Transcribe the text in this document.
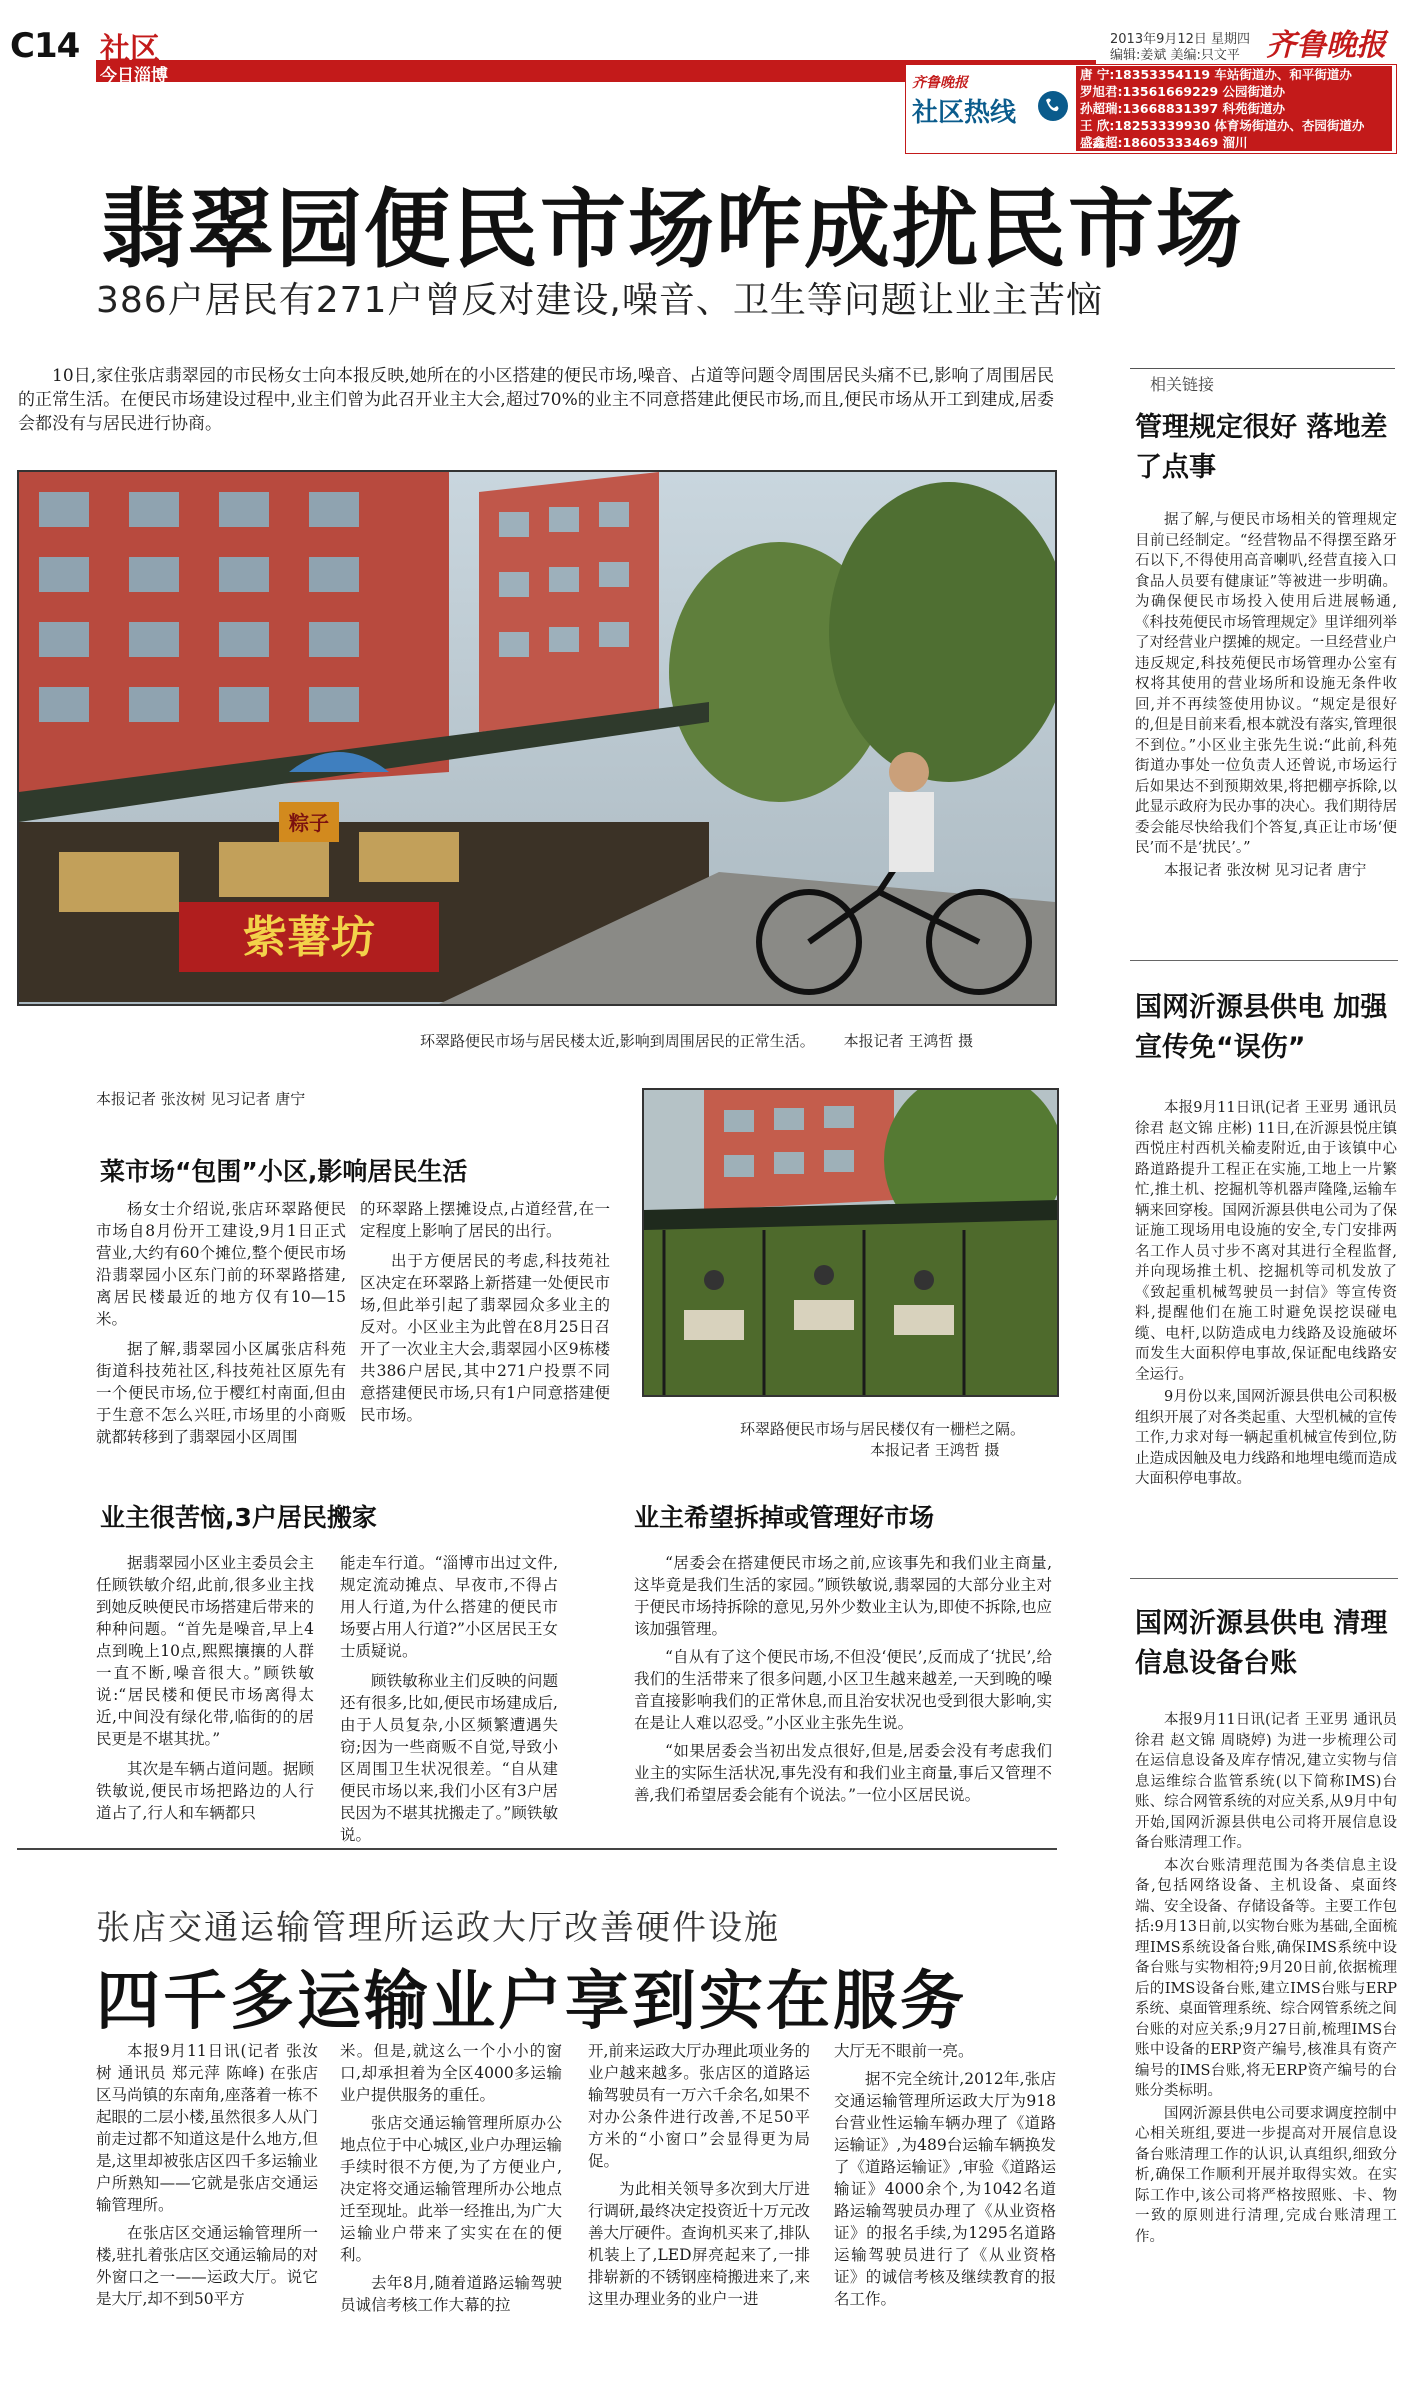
C14 社区
今日淄博
2013年9月12日 星期四
编辑:姜斌 美编:只文平 齐鲁晚报
齐鲁晚报
社区热线
唐 宁:18353354119 车站街道办、和平街道办
罗旭君:13561669229 公园街道办
孙超瑞:13668831397 科苑街道办
王 欣:18253339930 体育场街道办、杏园街道办
盛鑫超:18605333469 溜川
翡翠园便民市场咋成扰民市场
386户居民有271户曾反对建设,噪音、卫生等问题让业主苦恼
10日,家住张店翡翠园的市民杨女士向本报反映,她所在的小区搭建的便民市场,噪音、占道等问题令周围居民头痛不已,影响了周围居民的正常生活。在便民市场建设过程中,业主们曾为此召开业主大会,超过70%的业主不同意搭建此便民市场,而且,便民市场从开工到建成,居委会都没有与居民进行协商。
粽子
紫薯坊
环翠路便民市场与居民楼太近,影响到周围居民的正常生活。 本报记者 王鸿哲 摄
本报记者 张汝树 见习记者 唐宁
菜市场“包围”小区,影响居民生活

杨女士介绍说,张店环翠路便民市场自8月份开工建设,9月1日正式营业,大约有60个摊位,整个便民市场沿翡翠园小区东门前的环翠路搭建,离居民楼最近的地方仅有10—15米。

据了解,翡翠园小区属张店科苑街道科技苑社区,科技苑社区原先有一个便民市场,位于樱红村南面,但由于生意不怎么兴旺,市场里的小商贩就都转移到了翡翠园小区周围

的环翠路上摆摊设点,占道经营,在一定程度上影响了居民的出行。

出于方便居民的考虑,科技苑社区决定在环翠路上新搭建一处便民市场,但此举引起了翡翠园众多业主的反对。小区业主为此曾在8月25日召开了一次业主大会,翡翠园小区9栋楼共386户居民,其中271户投票不同意搭建便民市场,只有1户同意搭建便民市场。

环翠路便民市场与居民楼仅有一栅栏之隔。
本报记者 王鸿哲 摄
业主很苦恼,3户居民搬家	业主希望拆掉或管理好市场

据翡翠园小区业主委员会主任顾铁敏介绍,此前,很多业主找到她反映便民市场搭建后带来的种种问题。“首先是噪音,早上4点到晚上10点,熙熙攘攘的人群一直不断,噪音很大。”顾铁敏说:“居民楼和便民市场离得太近,中间没有绿化带,临街的的居民更是不堪其扰。”

其次是车辆占道问题。据顾铁敏说,便民市场把路边的人行道占了,行人和车辆都只

能走车行道。“淄博市出过文件,规定流动摊点、早夜市,不得占用人行道,为什么搭建的便民市场要占用人行道?”小区居民王女士质疑说。

顾铁敏称业主们反映的问题还有很多,比如,便民市场建成后,由于人员复杂,小区频繁遭遇失窃;因为一些商贩不自觉,导致小区周围卫生状况很差。“自从建便民市场以来,我们小区有3户居民因为不堪其扰搬走了。”顾铁敏说。

“居委会在搭建便民市场之前,应该事先和我们业主商量,这毕竟是我们生活的家园。”顾铁敏说,翡翠园的大部分业主对于便民市场持拆除的意见,另外少数业主认为,即使不拆除,也应该加强管理。

“自从有了这个便民市场,不但没‘便民’,反而成了‘扰民’,给我们的生活带来了很多问题,小区卫生越来越差,一天到晚的噪音直接影响我们的正常休息,而且治安状况也受到很大影响,实在是让人难以忍受。”小区业主张先生说。

“如果居委会当初出发点很好,但是,居委会没有考虑我们业主的实际生活状况,事先没有和我们业主商量,事后又管理不善,我们希望居委会能有个说法。”一位小区居民说。

张店交通运输管理所运政大厅改善硬件设施
四千多运输业户享到实在服务

本报9月11日讯(记者 张汝树 通讯员 郑元萍 陈峰) 在张店区马尚镇的东南角,座落着一栋不起眼的二层小楼,虽然很多人从门前走过都不知道这是什么地方,但是,这里却被张店区四千多运输业户所熟知——它就是张店交通运输管理所。

在张店区交通运输管理所一楼,驻扎着张店区交通运输局的对外窗口之一——运政大厅。说它是大厅,却不到50平方

米。但是,就这么一个小小的窗口,却承担着为全区4000多运输业户提供服务的重任。

张店交通运输管理所原办公地点位于中心城区,业户办理运输手续时很不方便,为了方便业户,决定将交通运输管理所办公地点迁至现址。此举一经推出,为广大运输业户带来了实实在在的便利。

去年8月,随着道路运输驾驶员诚信考核工作大幕的拉

开,前来运政大厅办理此项业务的业户越来越多。张店区的道路运输驾驶员有一万六千余名,如果不对办公条件进行改善,不足50平方米的“小窗口”会显得更为局促。

为此相关领导多次到大厅进行调研,最终决定投资近十万元改善大厅硬件。查询机买来了,排队机装上了,LED屏亮起来了,一排排崭新的不锈钢座椅搬进来了,来这里办理业务的业户一进

大厅无不眼前一亮。

据不完全统计,2012年,张店交通运输管理所运政大厅为918台营业性运输车辆办理了《道路运输证》,为489台运输车辆换发了《道路运输证》,审验《道路运输证》4000余个,为1042名道路运输驾驶员办理了《从业资格证》的报名手续,为1295名道路运输驾驶员进行了《从业资格证》的诚信考核及继续教育的报名工作。

相关链接
管理规定很好 落地差了点事

据了解,与便民市场相关的管理规定目前已经制定。“经营物品不得摆至路牙石以下,不得使用高音喇叭,经营直接入口食品人员要有健康证”等被进一步明确。为确保便民市场投入使用后进展畅通,《科技苑便民市场管理规定》里详细列举了对经营业户摆摊的规定。一旦经营业户违反规定,科技苑便民市场管理办公室有权将其使用的营业场所和设施无条件收回,并不再续签使用协议。“规定是很好的,但是目前来看,根本就没有落实,管理很不到位。”小区业主张先生说:“此前,科苑街道办事处一位负责人还曾说,市场运行后如果达不到预期效果,将把棚亭拆除,以此显示政府为民办事的决心。我们期待居委会能尽快给我们个答复,真正让市场‘便民’而不是‘扰民’。”

本报记者 张汝树 见习记者 唐宁

国网沂源县供电 加强宣传免“误伤”

本报9月11日讯(记者 王亚男 通讯员 徐君 赵文锦 庄彬) 11日,在沂源县悦庄镇西悦庄村西机关榆麦附近,由于该镇中心路道路提升工程正在实施,工地上一片繁忙,推土机、挖掘机等机器声隆隆,运输车辆来回穿梭。国网沂源县供电公司为了保证施工现场用电设施的安全,专门安排两名工作人员寸步不离对其进行全程监督,并向现场推土机、挖掘机等司机发放了《致起重机械驾驶员一封信》等宣传资料,提醒他们在施工时避免误挖误碰电缆、电杆,以防造成电力线路及设施破坏而发生大面积停电事故,保证配电线路安全运行。

9月份以来,国网沂源县供电公司积极组织开展了对各类起重、大型机械的宣传工作,力求对每一辆起重机械宣传到位,防止造成因触及电力线路和地埋电缆而造成大面积停电事故。

国网沂源县供电 清理信息设备台账

本报9月11日讯(记者 王亚男 通讯员 徐君 赵文锦 周晓婷) 为进一步梳理公司在运信息设备及库存情况,建立实物与信息运维综合监管系统(以下简称IMS)台账、综合网管系统的对应关系,从9月中旬开始,国网沂源县供电公司将开展信息设备台账清理工作。

本次台账清理范围为各类信息主设备,包括网络设备、主机设备、桌面终端、安全设备、存储设备等。主要工作包括:9月13日前,以实物台账为基础,全面梳理IMS系统设备台账,确保IMS系统中设备台账与实物相符;9月20日前,依据梳理后的IMS设备台账,建立IMS台账与ERP系统、桌面管理系统、综合网管系统之间台账的对应关系;9月27日前,梳理IMS台账中设备的ERP资产编号,核准具有资产编号的IMS台账,将无ERP资产编号的台账分类标明。

国网沂源县供电公司要求调度控制中心相关班组,要进一步提高对开展信息设备台账清理工作的认识,认真组织,细致分析,确保工作顺利开展并取得实效。在实际工作中,该公司将严格按照账、卡、物一致的原则进行清理,完成台账清理工作。
